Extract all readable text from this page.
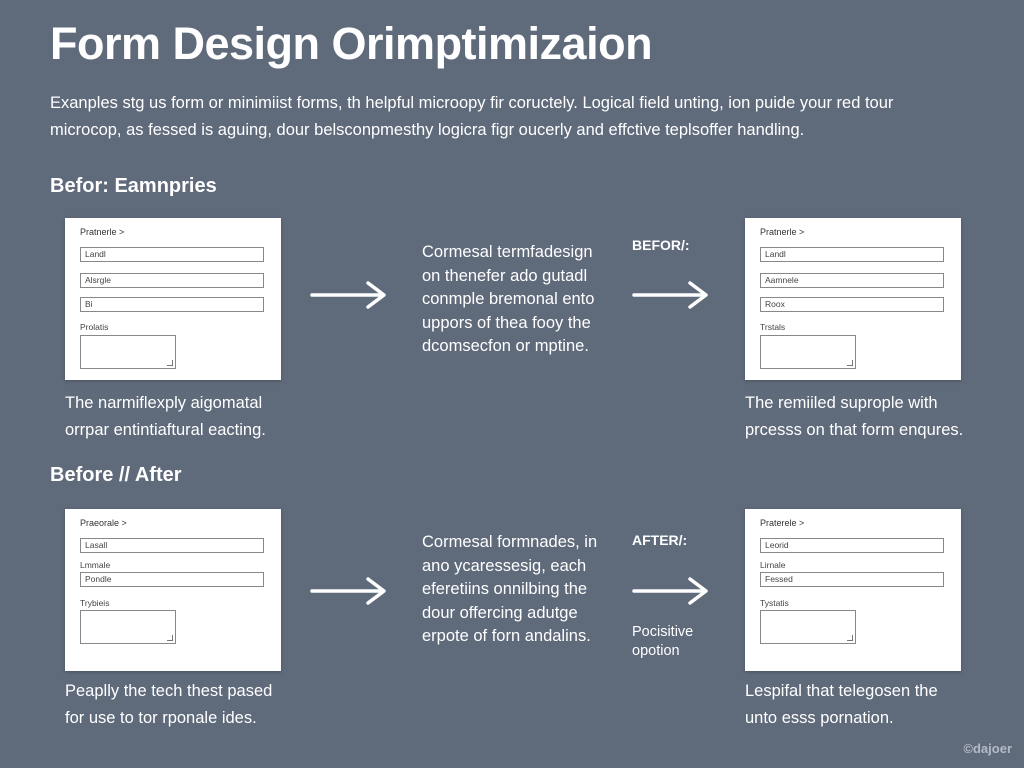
Form Design Orimptimizaion
Exanples stg us form or minimiist forms, th helpful microopy fir coructely. Logical field unting, ion puide your red tour
microcop, as fessed is aguing, dour belsconpmesthy logicra figr oucerly and effctive teplsoffer handling.
Befor: Eamnpries
Pratnerle >
Landl
Alsrgle
Bi
Prolatis
The narmiflexply aigomatal
orrpar entintiaftural eacting.
Cormesal termfadesign
on thenefer ado gutadl
conmple bremonal ento
uppors of thea fooy the
dcomsecfon or mptine.
BEFOR/:
Pratnerle >
Landl
Aamnele
Roox
Trstals
The remiiled suprople with
prcesss on that form enqures.
Before // After
Praeorale >
Lasall
Lmmale
Pondle
Trybieis
Peaplly the tech thest pased
for use to tor rponale ides.
Cormesal formnades, in
ano ycaressesig, each
eferetiins onnilbing the
dour offercing adutge
erpote of forn andalins.
AFTER/:
Pocisitive
opotion
Praterele >
Leorid
Lirnale
Fessed
Tystatis
Lespifal that telegosen the
unto esss pornation.
©dajoer
